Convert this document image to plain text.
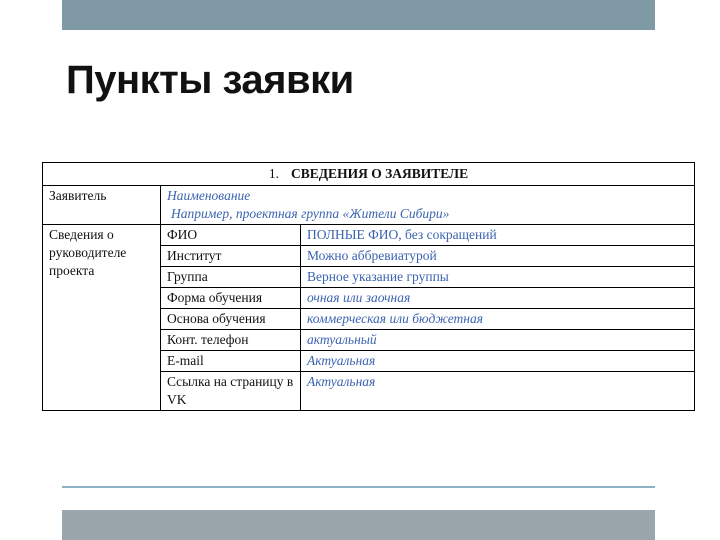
Пункты заявки
1. СВЕДЕНИЯ О ЗАЯВИТЕЛЕ		
Заявитель	Наименование
Например, проектная группа «Жители Сибири»	

Сведения о руководителе проекта	ФИО	ПОЛНЫЕ ФИО, без сокращений
	Институт	Можно аббревиатурой
	Группа	Верное указание группы
	Форма обучения	очная или заочная
	Основа обучения	коммерческая или бюджетная
	Конт. телефон	актуальный
	E-mail	Актуальная
	Ссылка на страницу в VK	Актуальная
